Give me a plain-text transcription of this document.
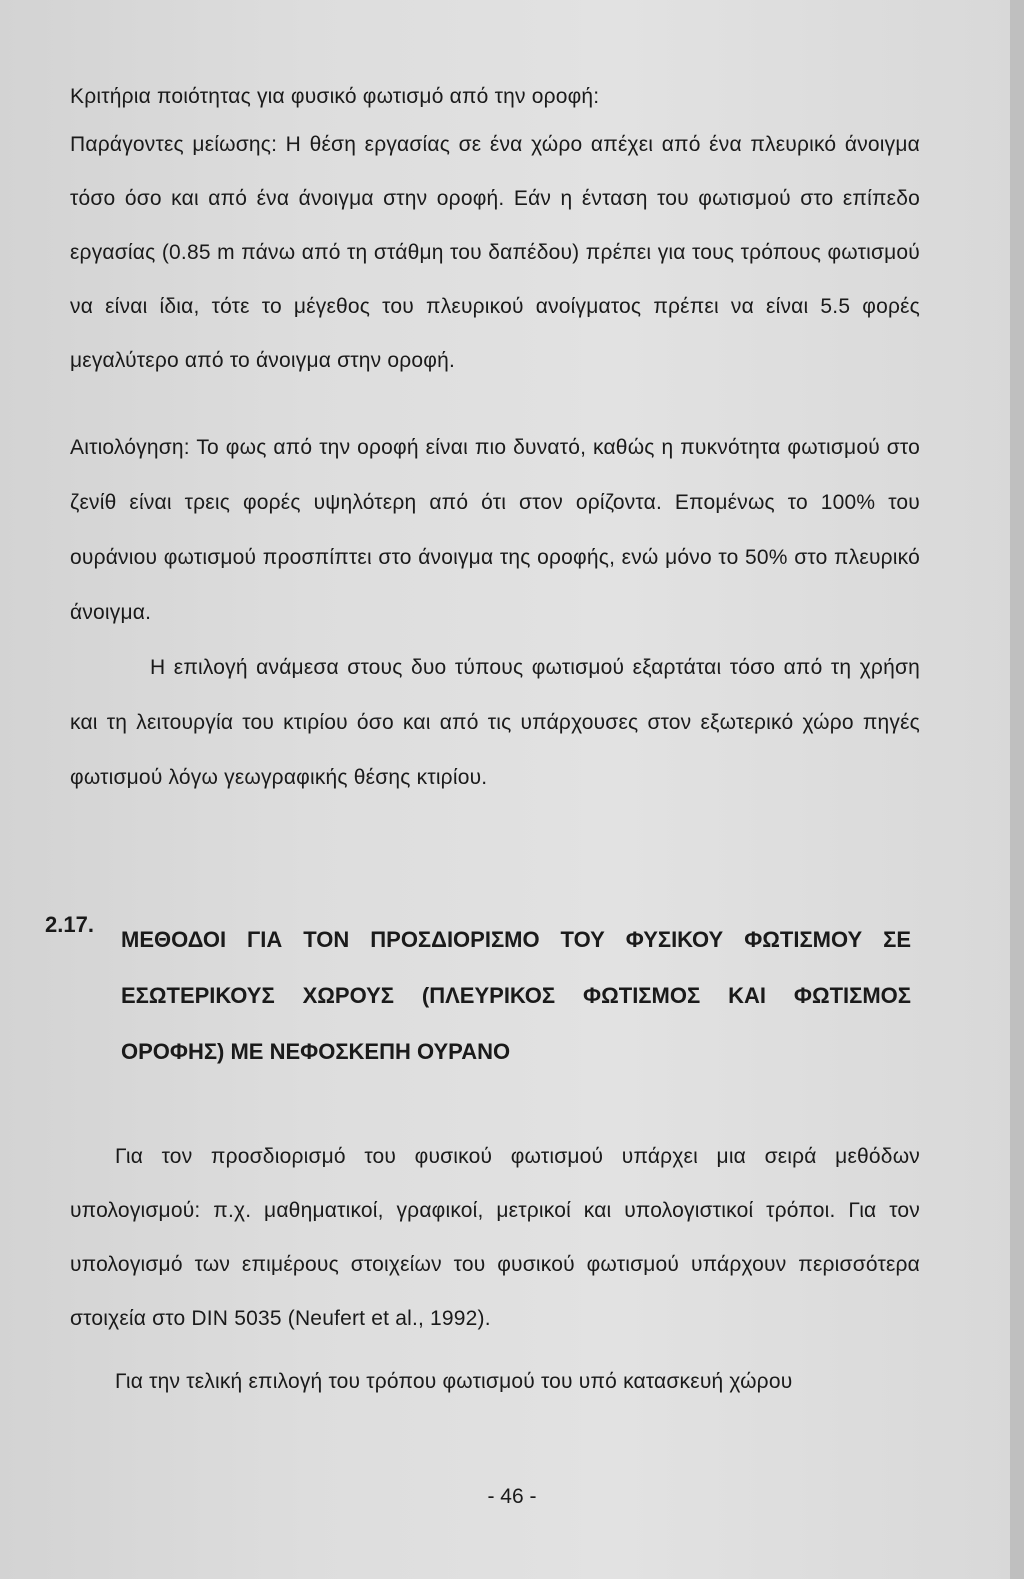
Κριτήρια ποιότητας για φυσικό φωτισμό από την οροφή:

Παράγοντες μείωσης: Η θέση εργασίας σε ένα χώρο απέχει από ένα πλευρικό άνοιγμα τόσο όσο και από ένα άνοιγμα στην οροφή. Εάν η ένταση του φωτισμού στο επίπεδο εργασίας (0.85 m πάνω από τη στάθμη του δαπέδου) πρέπει για τους τρόπους φωτισμού να είναι ίδια, τότε το μέγεθος του πλευρικού ανοίγματος πρέπει να είναι 5.5 φορές μεγαλύτερο από το άνοιγμα στην οροφή.

Αιτιολόγηση: Το φως από την οροφή είναι πιο δυνατό, καθώς η πυκνότητα φωτισμού στο ζενίθ είναι τρεις φορές υψηλότερη από ότι στον ορίζοντα. Επομένως το 100% του ουράνιου φωτισμού προσπίπτει στο άνοιγμα της οροφής, ενώ μόνο το 50% στο πλευρικό άνοιγμα.

Η επιλογή ανάμεσα στους δυο τύπους φωτισμού εξαρτάται τόσο από τη χρήση και τη λειτουργία του κτιρίου όσο και από τις υπάρχουσες στον εξωτερικό χώρο πηγές φωτισμού λόγω γεωγραφικής θέσης κτιρίου.

2.17.
ΜΕΘΟΔΟΙ ΓΙΑ ΤΟΝ ΠΡΟΣΔΙΟΡΙΣΜΟ ΤΟΥ ΦΥΣΙΚΟΥ ΦΩΤΙΣΜΟΥ ΣΕ ΕΣΩΤΕΡΙΚΟΥΣ ΧΩΡΟΥΣ (ΠΛΕΥΡΙΚΟΣ ΦΩΤΙΣΜΟΣ ΚΑΙ ΦΩΤΙΣΜΟΣ ΟΡΟΦΗΣ) ΜΕ ΝΕΦΟΣΚΕΠΗ ΟΥΡΑΝΟ

Για τον προσδιορισμό του φυσικού φωτισμού υπάρχει μια σειρά μεθόδων υπολογισμού: π.χ. μαθηματικοί, γραφικοί, μετρικοί και υπολογιστικοί τρόποι. Για τον υπολογισμό των επιμέρους στοιχείων του φυσικού φωτισμού υπάρχουν περισσότερα στοιχεία στο DIN 5035 (Neufert et al., 1992).

Για την τελική επιλογή του τρόπου φωτισμού του υπό κατασκευή χώρου

- 46 -
